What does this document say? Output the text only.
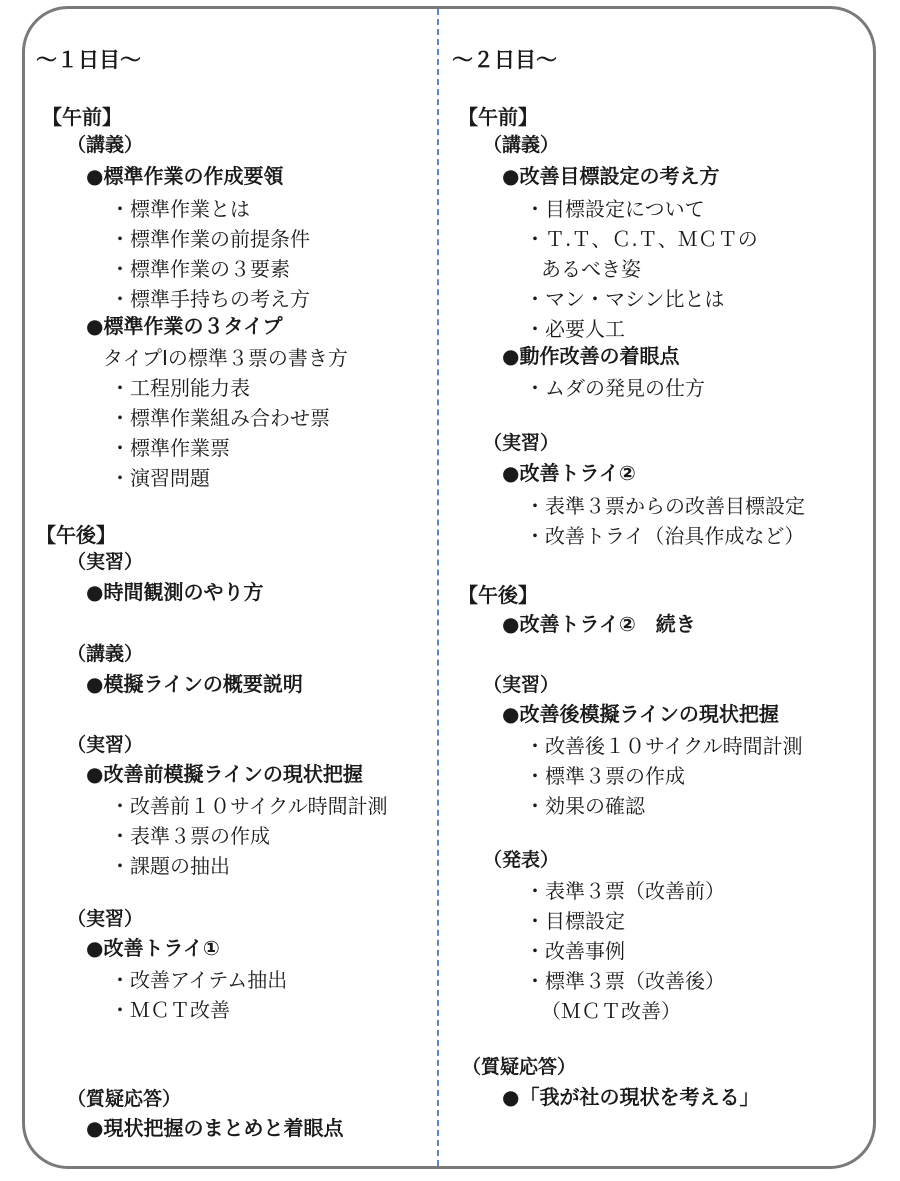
～１日目～
【午前】
（講義）
●標準作業の作成要領
・標準作業とは
・標準作業の前提条件
・標準作業の３要素
・標準手持ちの考え方
●標準作業の３タイプ
タイプⅠの標準３票の書き方
・工程別能力表
・標準作業組み合わせ票
・標準作業票
・演習問題
【午後】
（実習）
●時間観測のやり方
（講義）
●模擬ラインの概要説明
（実習）
●改善前模擬ラインの現状把握
・改善前１０サイクル時間計測
・表準３票の作成
・課題の抽出
（実習）
●改善トライ①
・改善アイテム抽出
・ＭＣＴ改善
（質疑応答）
●現状把握のまとめと着眼点
～２日目～
【午前】
（講義）
●改善目標設定の考え方
・目標設定について
・Ｔ.Ｔ、Ｃ.Ｔ、ＭＣＴの
あるべき姿
・マン・マシン比とは
・必要人工
●動作改善の着眼点
・ムダの発見の仕方
（実習）
●改善トライ②
・表準３票からの改善目標設定
・改善トライ（治具作成など）
【午後】
●改善トライ②　続き
（実習）
●改善後模擬ラインの現状把握
・改善後１０サイクル時間計測
・標準３票の作成
・効果の確認
（発表）
・表準３票（改善前）
・目標設定
・改善事例
・標準３票（改善後）
（ＭＣＴ改善）
（質疑応答）
●「我が社の現状を考える」
